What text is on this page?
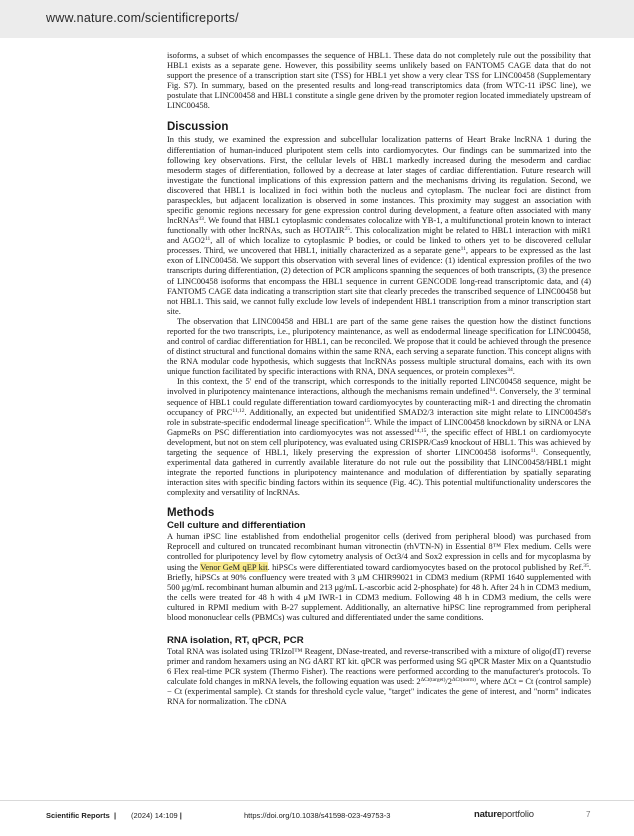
www.nature.com/scientificreports/

isoforms, a subset of which encompasses the sequence of HBL1. These data do not completely rule out the possibility that HBL1 exists as a separate gene. However, this possibility seems unlikely based on FANTOM5 CAGE data that do not support the presence of a transcription start site (TSS) for HBL1 yet show a very clear TSS for LINC00458 (Supplementary Fig. S7). In summary, based on the presented results and long-read transcriptomics data (from WTC-11 iPSC line), we postulate that LINC00458 and HBL1 constitute a single gene driven by the promoter region located immediately upstream of LINC00458.

Discussion

In this study, we examined the expression and subcellular localization patterns of Heart Brake lncRNA 1 during the differentiation of human-induced pluripotent stem cells into cardiomyocytes. Our findings can be summarized into the following key observations. First, the cellular levels of HBL1 markedly increased during the mesoderm and cardiac mesoderm stages of differentiation, followed by a decrease at later stages of cardiac differentiation. Future research will investigate the functional implications of this expression pattern and the mechanisms driving its regulation. Second, we discovered that HBL1 is localized in foci within both the nucleus and cytoplasm. The nuclear foci are distinct from paraspeckles, but adjacent localization is observed in some instances. This proximity may suggest an association with specific genomic regions necessary for gene expression control during development, a feature often associated with many lncRNAs$^{33}$. We found that HBL1 cytoplasmic condensates colocalize with YB-1, a multifunctional protein known to interact functionally with other lncRNAs, such as HOTAIR$^{25}$. This colocalization might be related to HBL1 interaction with miR1 and $AGO2^{11}$, all of which localize to cytoplasmic P bodies, or could be linked to others yet to be discovered cellular processes. Third, we uncovered that HBL1, initially characterized as a separate gene$^{11}$, appears to be expressed as the last exon of LINC00458. We support this observation with several lines of evidence: (1) identical expression profiles of the two transcripts during differentiation, (2) detection of PCR amplicons spanning the sequences of both transcripts, (3) the presence of LINC00458 isoforms that encompass the HBL1 sequence in current GENCODE long-read transcriptomic data, and (4) FANTOM5 CAGE data indicating a transcription start site that clearly precedes the transcribed sequence of LINC00458 but not HBL1. This said, we cannot fully exclude low levels of independent HBL1 transcription from a minor transcription start site.

The observation that LINC00458 and HBL1 are part of the same gene raises the question how the distinct functions reported for the two transcripts, i.e., pluripotency maintenance, as well as endodermal lineage specification for LINC00458, and control of cardiac differentiation for HBL1, can be reconciled. We propose that it could be achieved through the presence of distinct structural and functional domains within the same RNA, each serving a separate function. This concept aligns with the RNA modular code hypothesis, which suggests that lncRNAs possess multiple structural domains, each with its own unique function facilitated by specific interactions with RNA, DNA sequences, or protein complexes$^{34}$.

In this context, the 5′ end of the transcript, which corresponds to the initially reported LINC00458 sequence, might be involved in pluripotency maintenance interactions, although the mechanisms remain undefined$^{14}$. Conversely, the 3′ terminal sequence of HBL1 could regulate differentiation toward cardiomyocytes by counteracting miR-1 and directing the chromatin occupancy of PRC$^{11,12}$. Additionally, an expected but unidentified SMAD2/3 interaction site might relate to LINC00458's role in substrate-specific endodermal lineage specification$^{15}$. While the impact of LINC00458 knockdown by siRNA or LNA GapmeRs on PSC differentiation into cardiomyocytes was not assessed$^{14,15}$, the specific effect of HBL1 on cardiomyocyte development, but not on stem cell pluripotency, was evaluated using CRISPR/Cas9 knockout of HBL1. This was achieved by targeting the sequence of HBL1, likely preserving the expression of shorter LINC00458 isoforms$^{11}$. Consequently, experimental data gathered in currently available literature do not rule out the possibility that LINC00458/HBL1 might integrate the reported functions in pluripotency maintenance and modulation of differentiation by spatially separating interaction sites with specific binding factors within its sequence (Fig. 4C). This potential multifunctionality underscores the complexity and versatility of lncRNAs.

Methods
Cell culture and differentiation

A human iPSC line established from endothelial progenitor cells (derived from peripheral blood) was purchased from Reprocell and cultured on truncated recombinant human vitronectin (rhVTN-N) in Essential 8™ Flex medium. Cells were controlled for pluripotency level by flow cytometry analysis of Oct3/4 and Sox2 expression in cells and for mycoplasma by using the Venor GeM qEP kit. hiPSCs were differentiated toward cardiomyocytes based on the protocol published by Ref.$^{35}$. Briefly, hiPSCs at 90% confluency were treated with 3 μM CHIR99021 in CDM3 medium (RPMI 1640 supplemented with 500 μg/mL recombinant human albumin and 213 μg/mL L-ascorbic acid 2-phosphate) for 48 h. After 24 h in CDM3 medium, the cells were treated for 48 h with 4 μM IWR-1 in CDM3 medium. Following 48 h in CDM3 medium, the cells were cultured in RPMI medium with B-27 supplement. Additionally, an alternative hiPSC line reprogrammed from peripheral blood mononuclear cells (PBMCs) was cultured and differentiated under the same conditions.

RNA isolation, RT, qPCR, PCR

Total RNA was isolated using TRIzol™ Reagent, DNase-treated, and reverse-transcribed with a mixture of oligo(dT) reverse primer and random hexamers using an NG dART RT kit. qPCR was performed using SG qPCR Master Mix on a Quantstudio 6 Flex real-time PCR system (Thermo Fisher). The reactions were performed according to the manufacturer's protocols. To calculate fold changes in mRNA levels, the following equation was used: $2^{\Delta Ct(target)}/2^{\Delta Ct(norm)}$, where ΔCt = Ct (control sample) − Ct (experimental sample). Ct stands for threshold cycle value, "target" indicates the gene of interest, and "norm" indicates RNA for normalization. The cDNA

Scientific Reports | (2024) 14:109 |	https://doi.org/10.1038/s41598-023-49753-3	natureportfolio	7
